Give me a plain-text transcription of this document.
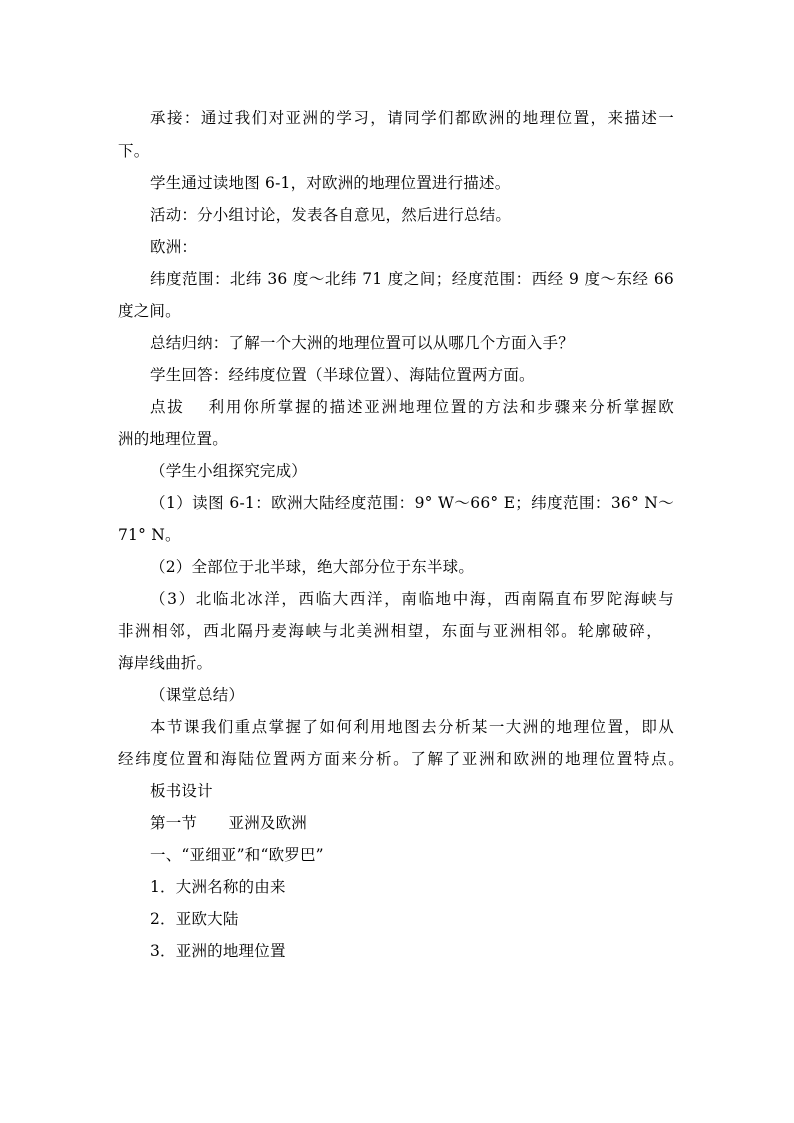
承接：通过我们对亚洲的学习，请同学们都欧洲的地理位置，来描述一
下。
学生通过读地图 6-1，对欧洲的地理位置进行描述。
活动：分小组讨论，发表各自意见，然后进行总结。
欧洲：
纬度范围：北纬 36 度～北纬 71 度之间；经度范围：西经 9 度～东经 66
度之间。
总结归纳：了解一个大洲的地理位置可以从哪几个方面入手？
学生回答：经纬度位置（半球位置）、海陆位置两方面。
点拔　 利用你所掌握的描述亚洲地理位置的方法和步骤来分析掌握欧
洲的地理位置。
（学生小组探究完成）
（1）读图 6-1：欧洲大陆经度范围：9° W～66° E；纬度范围：36° N～
71° N。
（2）全部位于北半球，绝大部分位于东半球。
（3）北临北冰洋，西临大西洋，南临地中海，西南隔直布罗陀海峡与
非洲相邻，西北隔丹麦海峡与北美洲相望，东面与亚洲相邻。轮廓破碎，
海岸线曲折。
（课堂总结）
本节课我们重点掌握了如何利用地图去分析某一大洲的地理位置，即从
经纬度位置和海陆位置两方面来分析。了解了亚洲和欧洲的地理位置特点。
板书设计
第一节　　亚洲及欧洲
一、“亚细亚”和“欧罗巴”
1．大洲名称的由来
2．亚欧大陆
3．亚洲的地理位置
